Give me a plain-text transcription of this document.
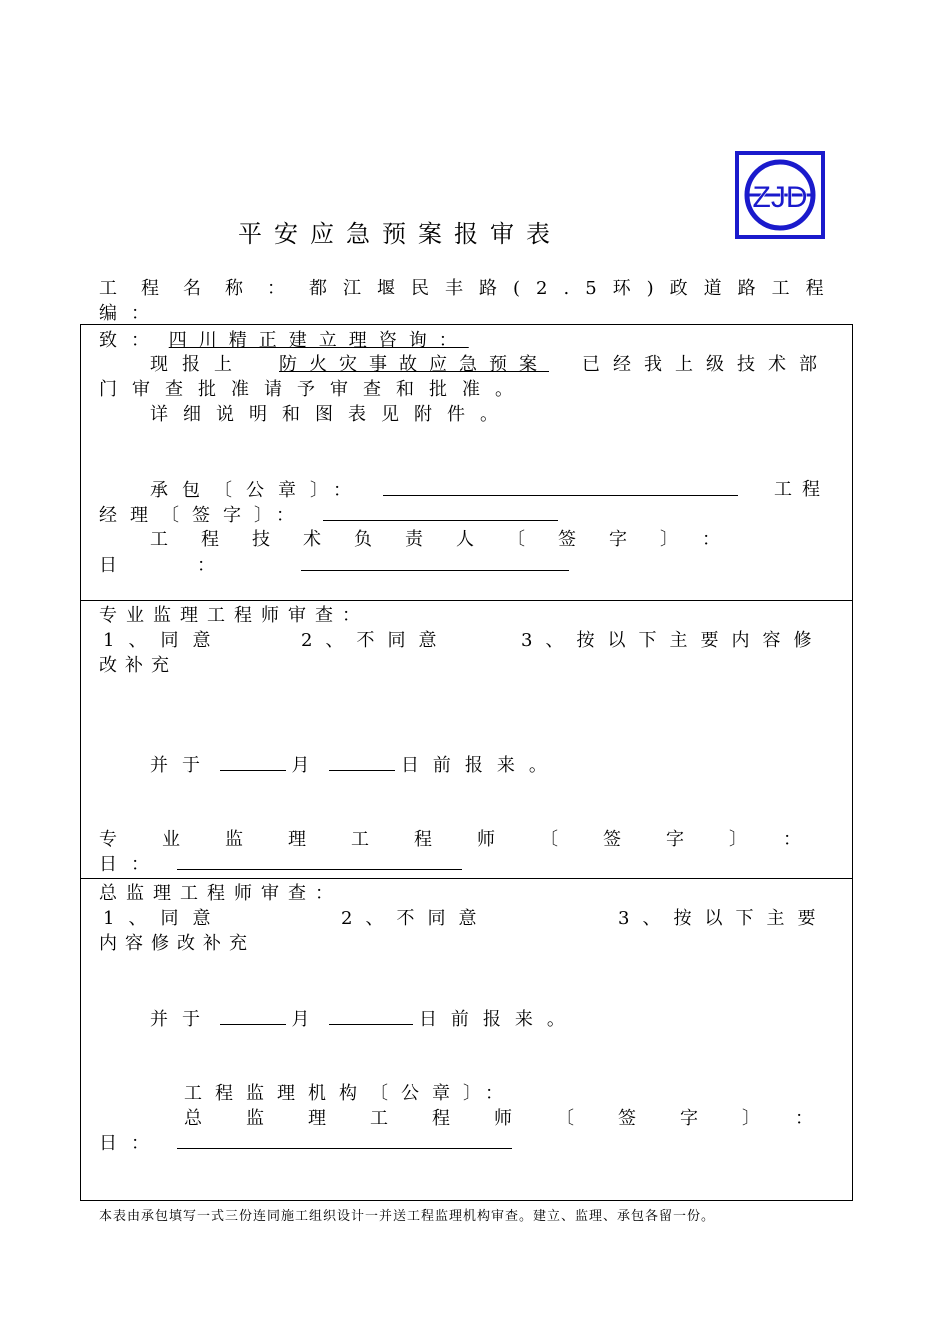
ZJD
平安应急预案报审表
工程名称： 都江堰民丰路(2.5环)政道路工程
编：
致： 四川精正建立理咨询：
现报上 防火灾事故应急预案 已经我上级技术部
门审查批准请予审查和批准。
详细说明和图表见附件。
承包〔公章〕：	工程
经理〔签字〕：
工程技术负责人〔签字〕：
日：
专业监理工程师审查：
1、同意	2、不同意	3、按以下主要内容修
改补充
并于	月	日前报来。
专业监理工程师〔签字〕：
日：
总监理工程师审查：
1、同意	2、不同意	3、按以下主要
内容修改补充
并于	月	日前报来。
工程监理机构〔公章〕：
总监理工程师〔签字〕：
日：
本表由承包填写一式三份连同施工组织设计一并送工程监理机构审查。建立、监理、承包各留一份。
